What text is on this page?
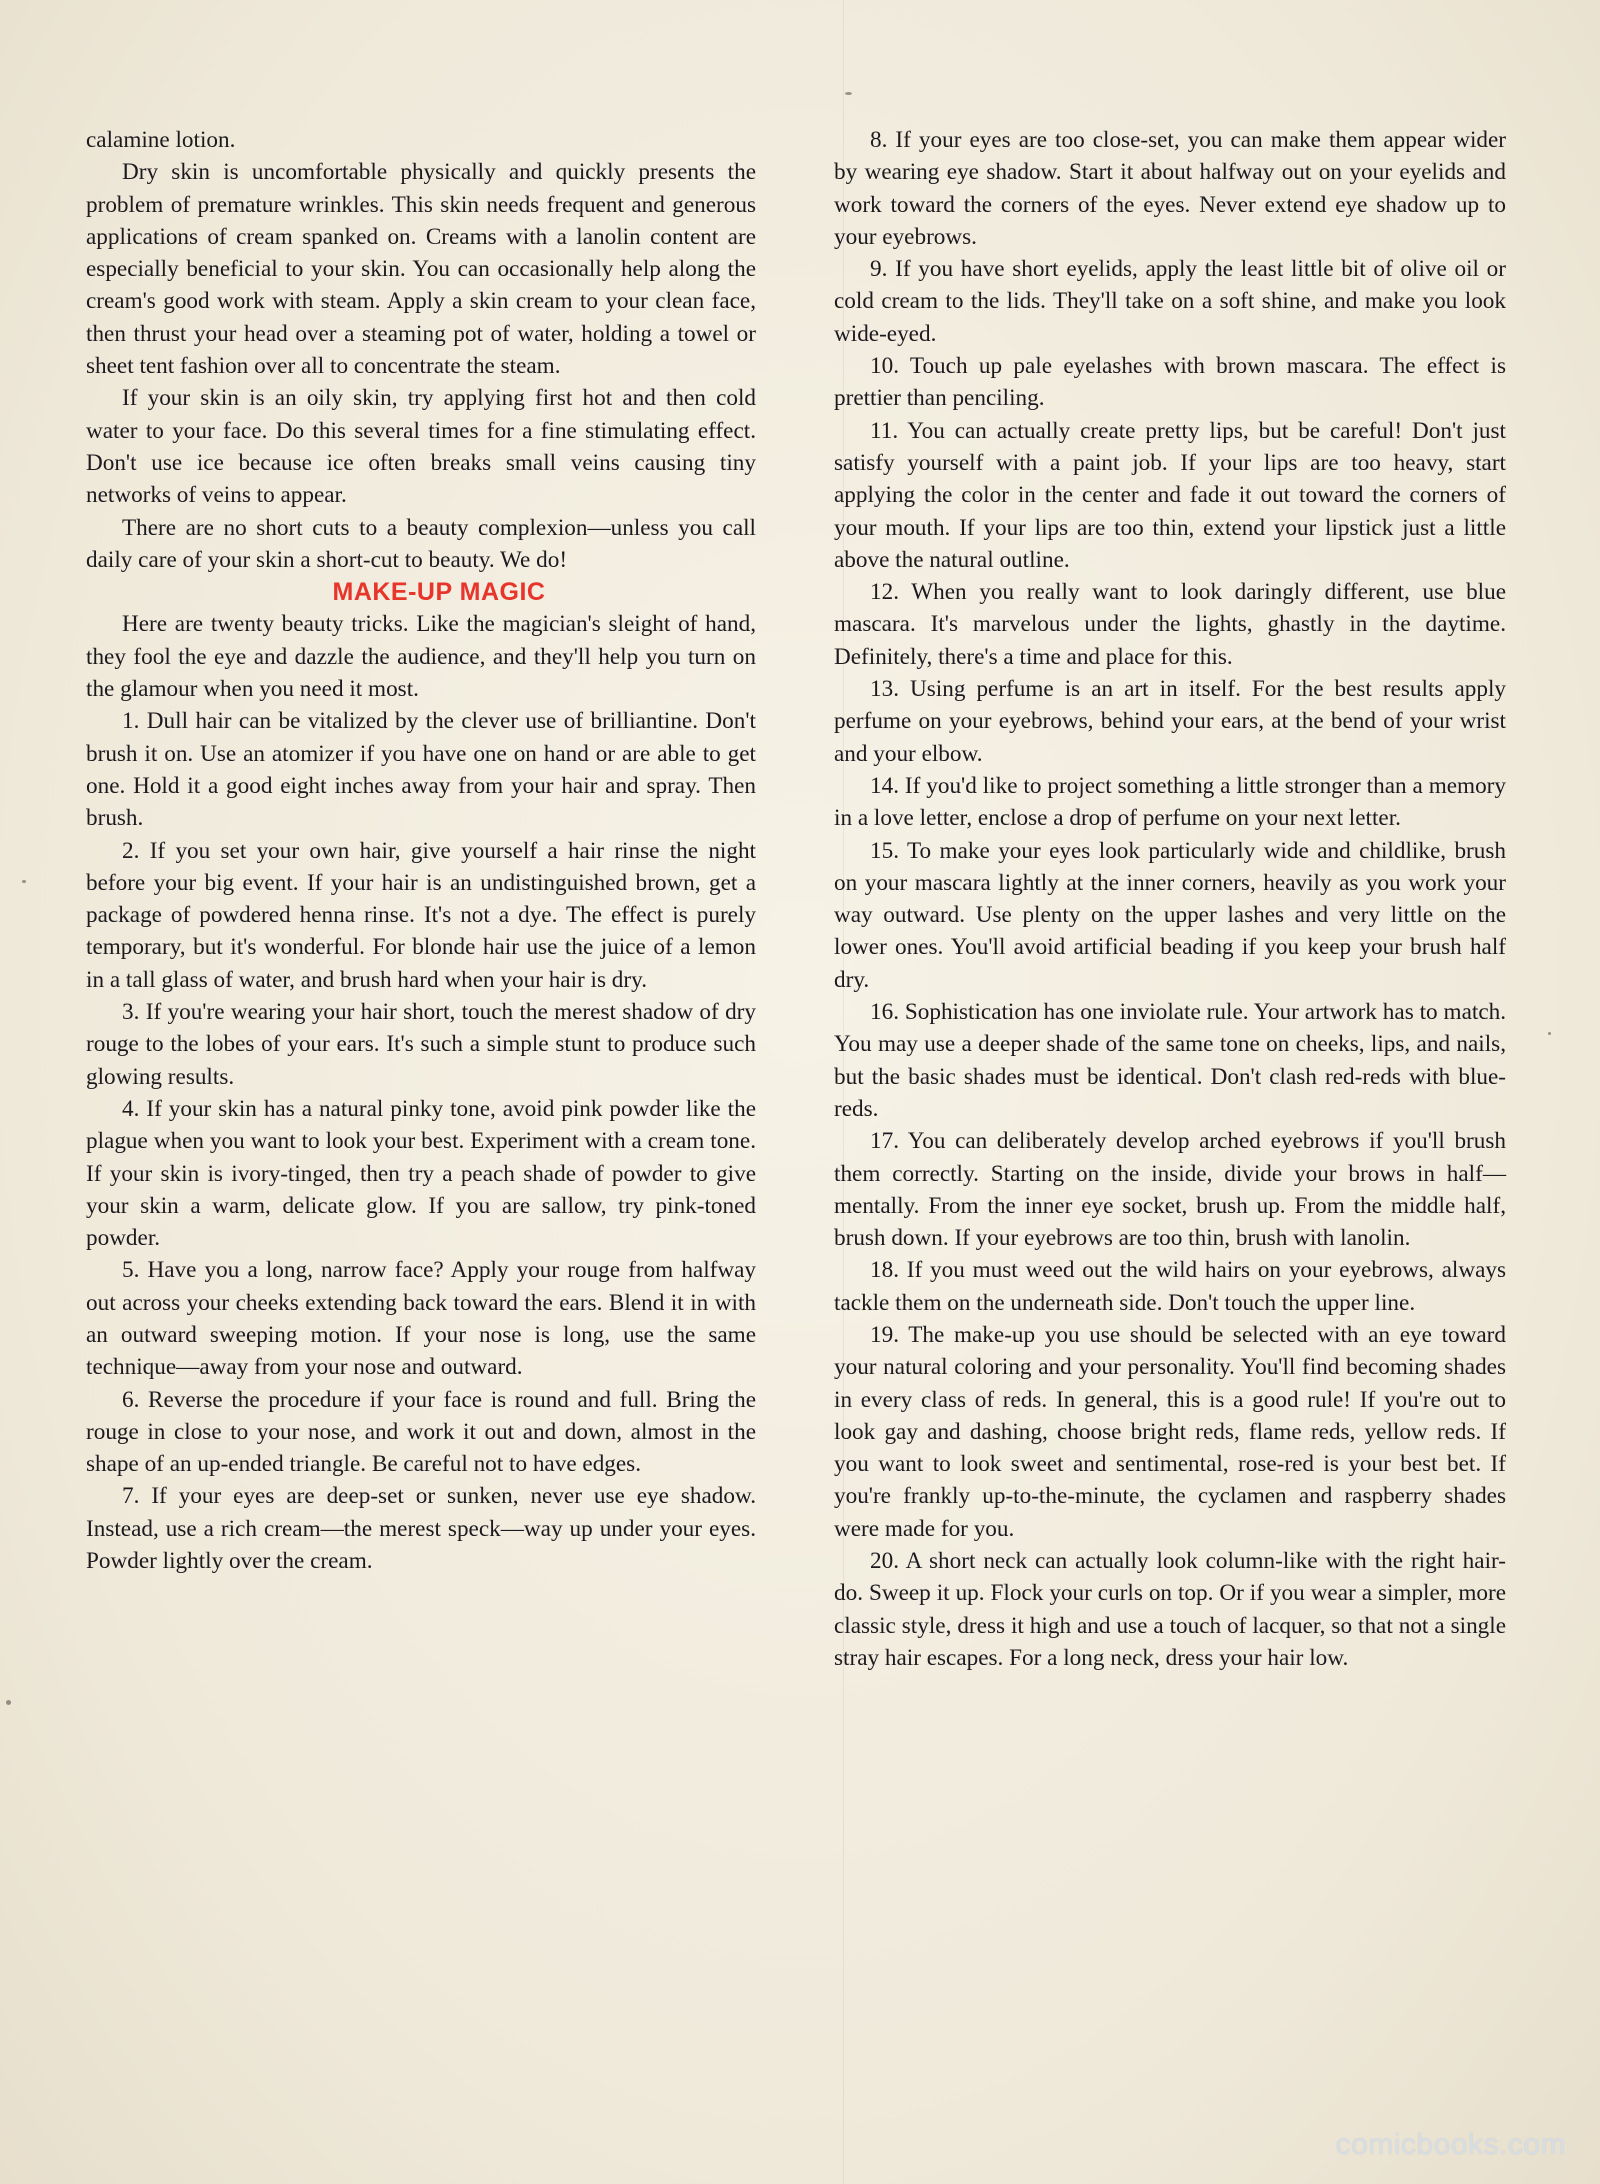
calamine lotion.

Dry skin is uncomfortable physically and quickly presents the problem of premature wrinkles. This skin needs frequent and generous applications of cream spanked on. Creams with a lanolin content are especially beneficial to your skin. You can occasionally help along the cream's good work with steam. Apply a skin cream to your clean face, then thrust your head over a steaming pot of water, holding a towel or sheet tent fashion over all to concentrate the steam.

If your skin is an oily skin, try applying first hot and then cold water to your face. Do this several times for a fine stimulating effect. Don't use ice because ice often breaks small veins causing tiny networks of veins to appear.

There are no short cuts to a beauty complexion—unless you call daily care of your skin a short-cut to beauty. We do!

MAKE-UP MAGIC

Here are twenty beauty tricks. Like the magician's sleight of hand, they fool the eye and dazzle the audience, and they'll help you turn on the glamour when you need it most.

1. Dull hair can be vitalized by the clever use of brilliantine. Don't brush it on. Use an atomizer if you have one on hand or are able to get one. Hold it a good eight inches away from your hair and spray. Then brush.

2. If you set your own hair, give yourself a hair rinse the night before your big event. If your hair is an undistinguished brown, get a package of powdered henna rinse. It's not a dye. The effect is purely temporary, but it's wonderful. For blonde hair use the juice of a lemon in a tall glass of water, and brush hard when your hair is dry.

3. If you're wearing your hair short, touch the merest shadow of dry rouge to the lobes of your ears. It's such a simple stunt to produce such glowing results.

4. If your skin has a natural pinky tone, avoid pink powder like the plague when you want to look your best. Experiment with a cream tone. If your skin is ivory-tinged, then try a peach shade of powder to give your skin a warm, delicate glow. If you are sallow, try pink-toned powder.

5. Have you a long, narrow face? Apply your rouge from halfway out across your cheeks extending back toward the ears. Blend it in with an outward sweeping motion. If your nose is long, use the same technique—away from your nose and outward.

6. Reverse the procedure if your face is round and full. Bring the rouge in close to your nose, and work it out and down, almost in the shape of an up-ended triangle. Be careful not to have edges.

7. If your eyes are deep-set or sunken, never use eye shadow. Instead, use a rich cream—the merest speck—way up under your eyes. Powder lightly over the cream.

8. If your eyes are too close-set, you can make them appear wider by wearing eye shadow. Start it about halfway out on your eyelids and work toward the corners of the eyes. Never extend eye shadow up to your eyebrows.

9. If you have short eyelids, apply the least little bit of olive oil or cold cream to the lids. They'll take on a soft shine, and make you look wide-eyed.

10. Touch up pale eyelashes with brown mascara. The effect is prettier than penciling.

11. You can actually create pretty lips, but be careful! Don't just satisfy yourself with a paint job. If your lips are too heavy, start applying the color in the center and fade it out toward the corners of your mouth. If your lips are too thin, extend your lipstick just a little above the natural outline.

12. When you really want to look daringly different, use blue mascara. It's marvelous under the lights, ghastly in the daytime. Definitely, there's a time and place for this.

13. Using perfume is an art in itself. For the best results apply perfume on your eyebrows, behind your ears, at the bend of your wrist and your elbow.

14. If you'd like to project something a little stronger than a memory in a love letter, enclose a drop of perfume on your next letter.

15. To make your eyes look particularly wide and childlike, brush on your mascara lightly at the inner corners, heavily as you work your way outward. Use plenty on the upper lashes and very little on the lower ones. You'll avoid artificial beading if you keep your brush half dry.

16. Sophistication has one inviolate rule. Your artwork has to match. You may use a deeper shade of the same tone on cheeks, lips, and nails, but the basic shades must be identical. Don't clash red-reds with blue-reds.

17. You can deliberately develop arched eyebrows if you'll brush them correctly. Starting on the inside, divide your brows in half—mentally. From the inner eye socket, brush up. From the middle half, brush down. If your eyebrows are too thin, brush with lanolin.

18. If you must weed out the wild hairs on your eyebrows, always tackle them on the underneath side. Don't touch the upper line.

19. The make-up you use should be selected with an eye toward your natural coloring and your personality. You'll find becoming shades in every class of reds. In general, this is a good rule! If you're out to look gay and dashing, choose bright reds, flame reds, yellow reds. If you want to look sweet and sentimental, rose-red is your best bet. If you're frankly up-to-the-minute, the cyclamen and raspberry shades were made for you.

20. A short neck can actually look column-like with the right hair-do. Sweep it up. Flock your curls on top. Or if you wear a simpler, more classic style, dress it high and use a touch of lacquer, so that not a single stray hair escapes. For a long neck, dress your hair low.

comicbooks.com
